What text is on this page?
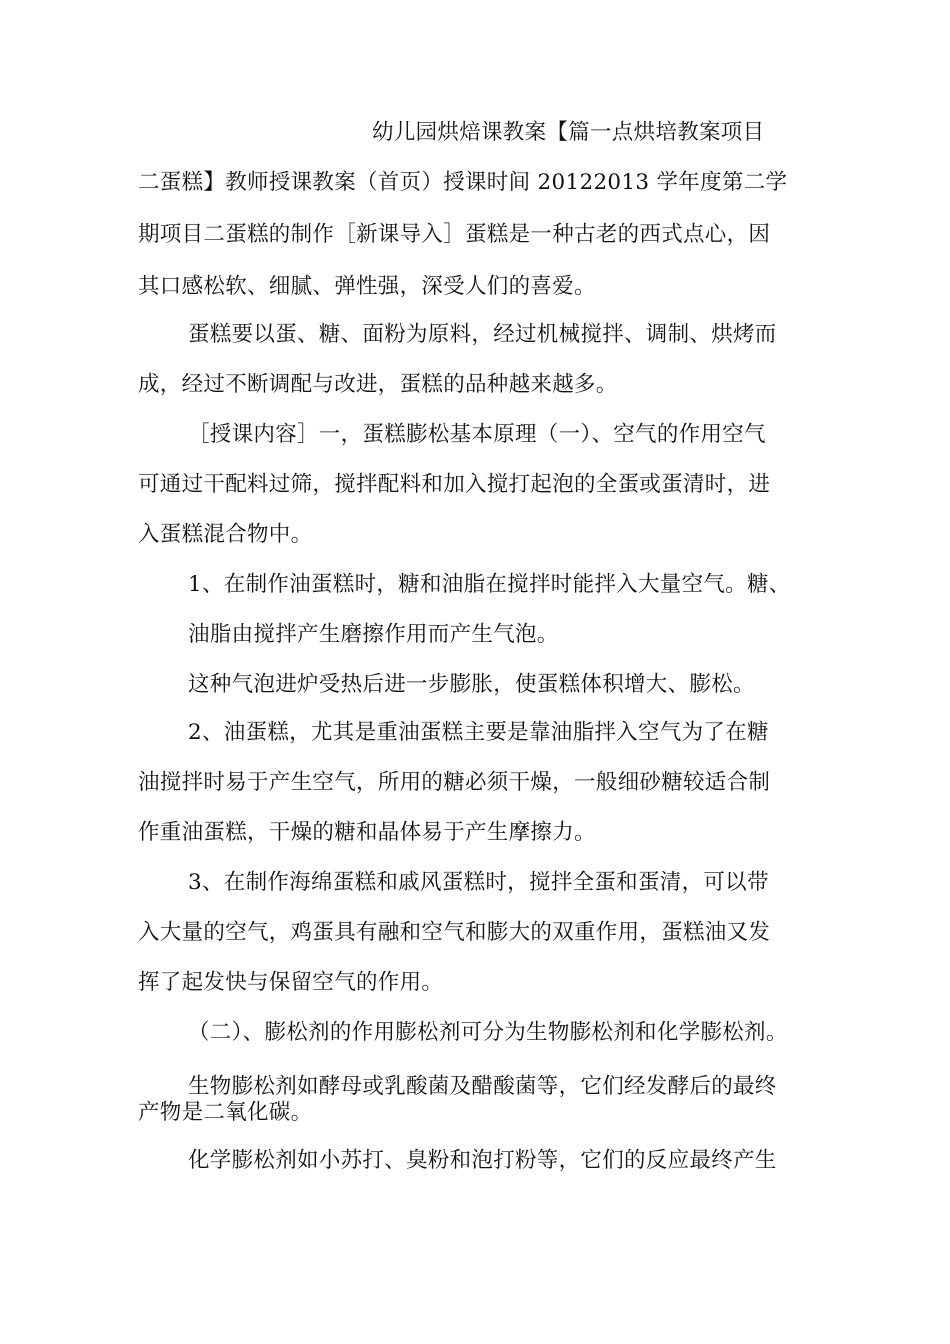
幼儿园烘焙课教案【篇一点烘培教案项目
二蛋糕】教师授课教案（首页）授课时间 20122013 学年度第二学
期项目二蛋糕的制作［新课导入］蛋糕是一种古老的西式点心，因
其口感松软、细腻、弹性强，深受人们的喜爱。
蛋糕要以蛋、糖、面粉为原料，经过机械搅拌、调制、烘烤而
成，经过不断调配与改进，蛋糕的品种越来越多。
［授课内容］一，蛋糕膨松基本原理（一）、空气的作用空气
可通过干配料过筛，搅拌配料和加入搅打起泡的全蛋或蛋清时，进
入蛋糕混合物中。
1、在制作油蛋糕时，糖和油脂在搅拌时能拌入大量空气。糖、
油脂由搅拌产生磨擦作用而产生气泡。
这种气泡进炉受热后进一步膨胀，使蛋糕体积增大、膨松。
2、油蛋糕，尤其是重油蛋糕主要是靠油脂拌入空气为了在糖
油搅拌时易于产生空气，所用的糖必须干燥，一般细砂糖较适合制
作重油蛋糕，干燥的糖和晶体易于产生摩擦力。
3、在制作海绵蛋糕和戚风蛋糕时，搅拌全蛋和蛋清，可以带
入大量的空气，鸡蛋具有融和空气和膨大的双重作用，蛋糕油又发
挥了起发快与保留空气的作用。
（二）、膨松剂的作用膨松剂可分为生物膨松剂和化学膨松剂。
生物膨松剂如酵母或乳酸菌及醋酸菌等，它们经发酵后的最终
产物是二氧化碳。
化学膨松剂如小苏打、臭粉和泡打粉等，它们的反应最终产生
